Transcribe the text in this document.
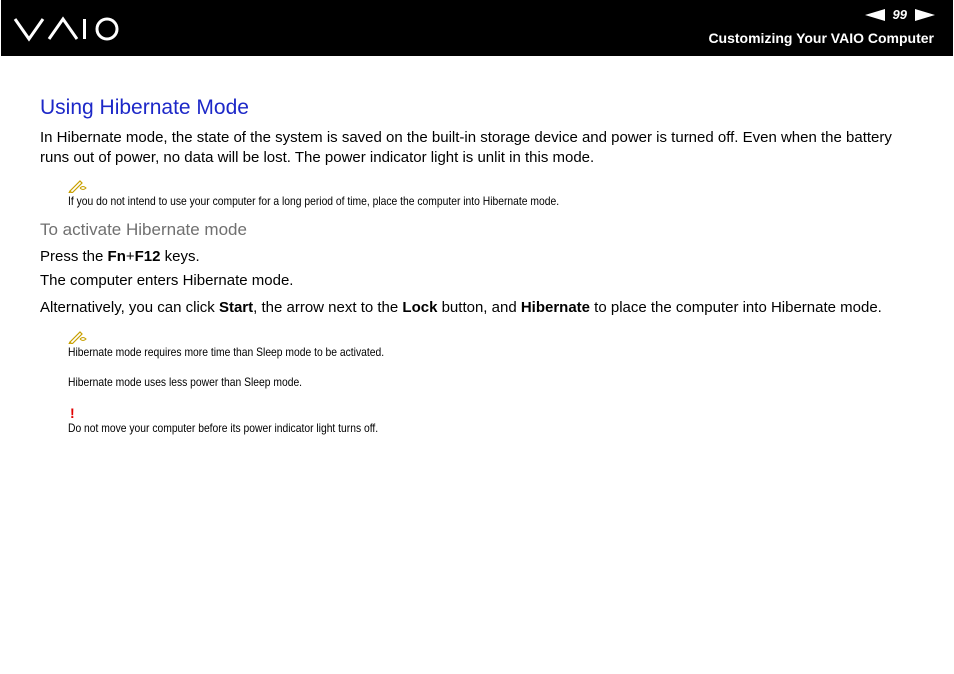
99
Customizing Your VAIO Computer
Using Hibernate Mode

In Hibernate mode, the state of the system is saved on the built-in storage device and power is turned off. Even when the battery runs out of power, no data will be lost. The power indicator light is unlit in this mode.

If you do not intend to use your computer for a long period of time, place the computer into Hibernate mode.

To activate Hibernate mode

Press the Fn+F12 keys.

The computer enters Hibernate mode.

Alternatively, you can click Start, the arrow next to the Lock button, and Hibernate to place the computer into Hibernate mode.

Hibernate mode requires more time than Sleep mode to be activated.

Hibernate mode uses less power than Sleep mode.

!

Do not move your computer before its power indicator light turns off.
